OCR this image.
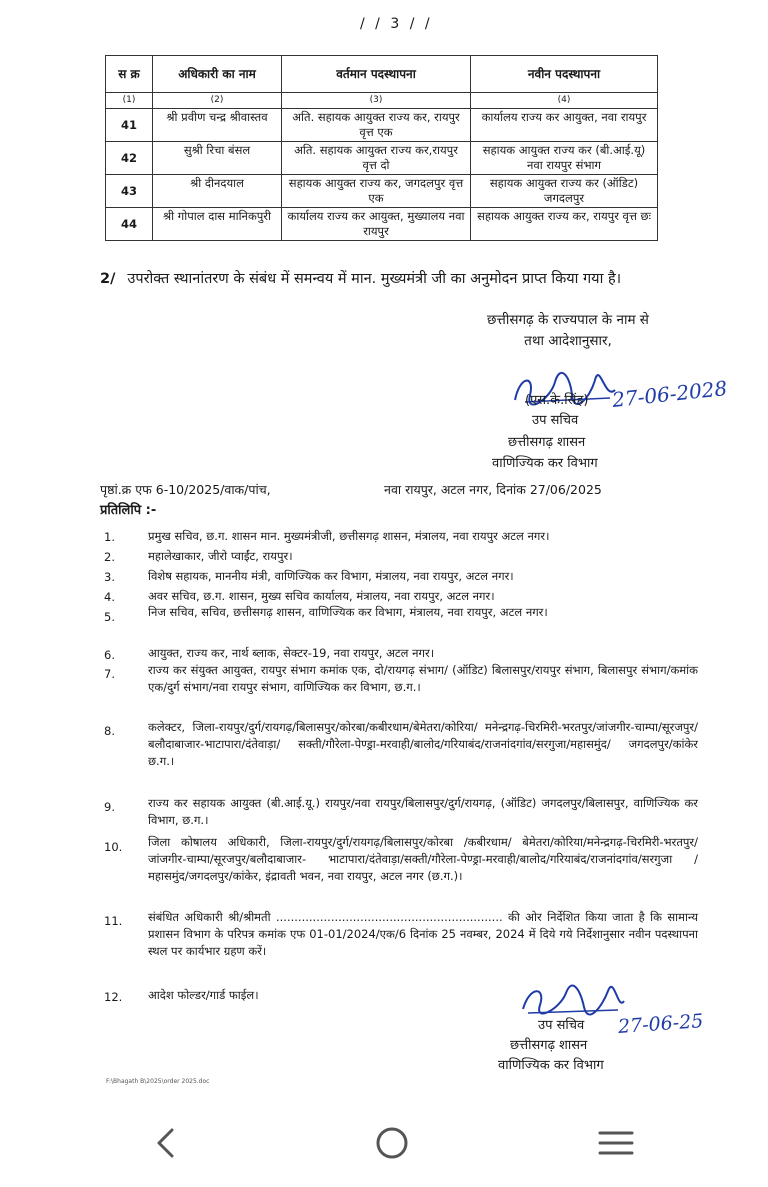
/ / 3 / /
स क्र	अधिकारी का नाम	वर्तमान पदस्थापना	नवीन पदस्थापना
(1)	(2)	(3)	(4)
41	श्री प्रवीण चन्द्र श्रीवास्तव	अति. सहायक आयुक्त राज्य कर, रायपुर वृत्त एक	कार्यालय राज्य कर आयुक्त, नवा रायपुर
42	सुश्री रिचा बंसल	अति. सहायक आयुक्त राज्य कर,रायपुर वृत्त दो	सहायक आयुक्त राज्य कर (बी.आई.यू) नवा रायपुर संभाग
43	श्री दीनदयाल	सहायक आयुक्त राज्य कर, जगदलपुर वृत्त एक	सहायक आयुक्त राज्य कर (ऑडिट) जगदलपुर
44	श्री गोपाल दास मानिकपुरी	कार्यालय राज्य कर आयुक्त, मुख्यालय नवा रायपुर	सहायक आयुक्त राज्य कर, रायपुर वृत्त छः
2/ उपरोक्त स्थानांतरण के संबंध में समन्वय में मान. मुख्यमंत्री जी का अनुमोदन प्राप्त किया गया है।
छत्तीसगढ़ के राज्यपाल के नाम से
तथा आदेशानुसार,
(एस.के.सिंह)
उप सचिव
27-06-2028
छत्तीसगढ़ शासन
वाणिज्यिक कर विभाग
पृष्ठां.क्र एफ 6-10/2025/वाक/पांच,	नवा रायपुर, अटल नगर, दिनांक 27/06/2025
प्रतिलिपि :-
1.	प्रमुख सचिव, छ.ग. शासन मान. मुख्यमंत्रीजी, छत्तीसगढ़ शासन, मंत्रालय, नवा रायपुर अटल नगर।
2.	महालेखाकार, जीरो प्वाईंट, रायपुर।
3.	विशेष सहायक, माननीय मंत्री, वाणिज्यिक कर विभाग, मंत्रालय, नवा रायपुर, अटल नगर।
4.	अवर सचिव, छ.ग. शासन, मुख्य सचिव कार्यालय, मंत्रालय, नवा रायपुर, अटल नगर।
5.	निज सचिव, सचिव, छत्तीसगढ़ शासन, वाणिज्यिक कर विभाग, मंत्रालय, नवा रायपुर, अटल नगर।
6.	आयुक्त, राज्य कर, नार्थ ब्लाक, सेक्टर-19, नवा रायपुर, अटल नगर।
7.	राज्य कर संयुक्त आयुक्त, रायपुर संभाग कमांक एक, दो/रायगढ़ संभाग/ (ऑडिट) बिलासपुर/रायपुर संभाग, बिलासपुर संभाग/कमांक एक/दुर्ग संभाग/नवा रायपुर संभाग, वाणिज्यिक कर विभाग, छ.ग.।
8.	कलेक्टर, जिला-रायपुर/दुर्ग/रायगढ़/बिलासपुर/कोरबा/कबीरधाम/बेमेतरा/कोरिया/ मनेन्द्रगढ़-चिरमिरी-भरतपुर/जांजगीर-चाम्पा/सूरजपुर/बलौदाबाजार-भाटापारा/दंतेवाड़ा/ सक्ती/गौरेला-पेण्ड्रा-मरवाही/बालोद/गरियाबंद/राजनांदगांव/सरगुजा/महासमुंद/ जगदलपुर/कांकेर छ.ग.।
9.	राज्य कर सहायक आयुक्त (बी.आई.यू.) रायपुर/नवा रायपुर/बिलासपुर/दुर्ग/रायगढ़, (ऑडिट) जगदलपुर/बिलासपुर, वाणिज्यिक कर विभाग, छ.ग.।
10. जिला कोषालय अधिकारी, जिला-रायपुर/दुर्ग/रायगढ़/बिलासपुर/कोरबा /कबीरधाम/ बेमेतरा/कोरिया/मनेन्द्रगढ़-चिरमिरी-भरतपुर/जांजगीर-चाम्पा/सूरजपुर/बलौदाबाजार- भाटापारा/दंतेवाड़ा/सक्ती/गौरेला-पेण्ड्रा-मरवाही/बालोद/गरियाबंद/राजनांदगांव/सरगुजा /महासमुंद/जगदलपुर/कांकेर, इंद्रावती भवन, नवा रायपुर, अटल नगर (छ.ग.)।
11. संबंधित अधिकारी श्री/श्रीमती .............................................................. की ओर निर्देशित किया जाता है कि सामान्य प्रशासन विभाग के परिपत्र कमांक एफ 01-01/2024/एक/6 दिनांक 25 नवम्बर, 2024 में दिये गये निर्देशानुसार नवीन पदस्थापना स्थल पर कार्यभार ग्रहण करें।
12. आदेश फोल्डर/गार्ड फाईल।
उप सचिव 27-06-25
छत्तीसगढ़ शासन
वाणिज्यिक कर विभाग
F:\Bhagath B\2025\order 2025.doc
